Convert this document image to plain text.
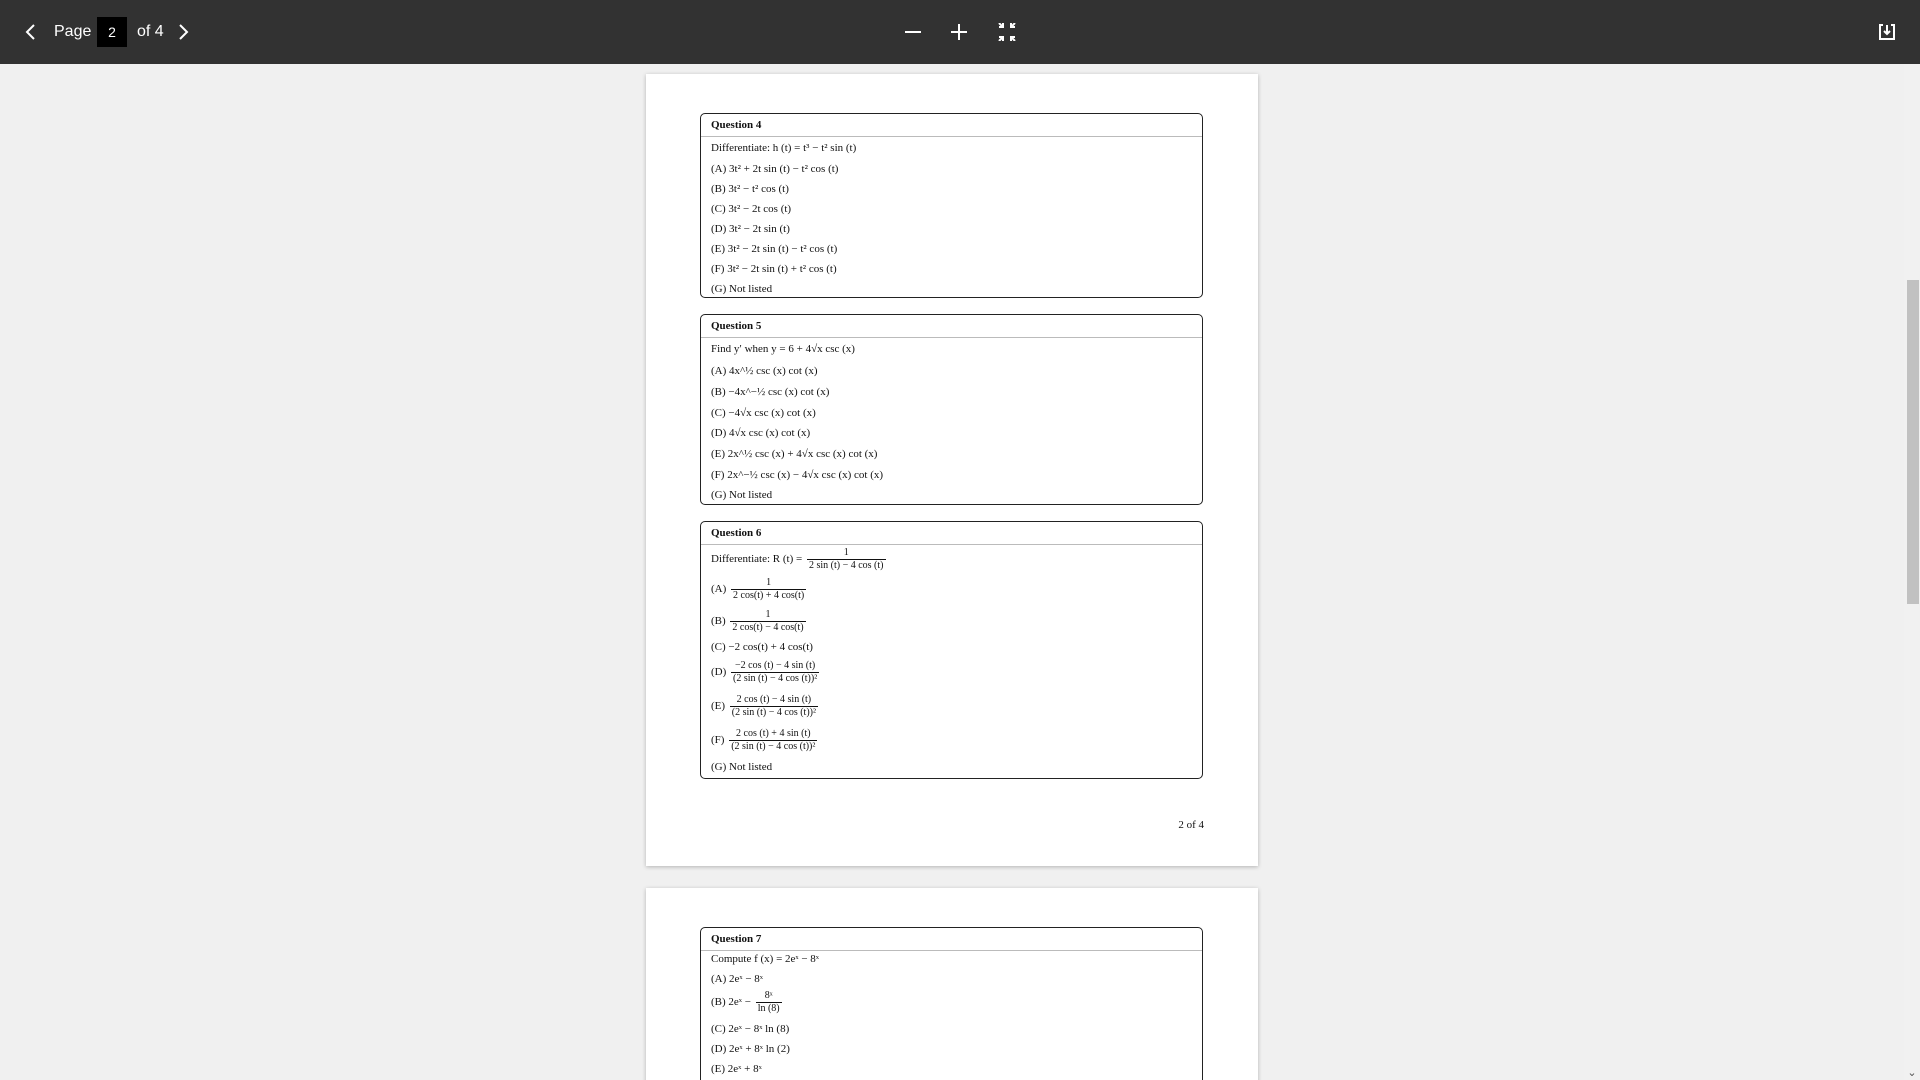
Page
2	of 4
Question 4
Differentiate: h (t) = t³ − t² sin (t)
(A) 3t² + 2t sin (t) − t² cos (t)
(B) 3t² − t² cos (t)
(C) 3t² − 2t cos (t)
(D) 3t² − 2t sin (t)
(E) 3t² − 2t sin (t) − t² cos (t)
(F) 3t² − 2t sin (t) + t² cos (t)
(G) Not listed
Question 5
Find y′ when y = 6 + 4√x csc (x)
(A) 4x^½ csc (x) cot (x)
(B) −4x^−½ csc (x) cot (x)
(C) −4√x csc (x) cot (x)
(D) 4√x csc (x) cot (x)
(E) 2x^½ csc (x) + 4√x csc (x) cot (x)
(F) 2x^−½ csc (x) − 4√x csc (x) cot (x)
(G) Not listed
Question 6
Differentiate: R $(t) = \frac{1}{2 \sin (t) - 4 \cos (t)}$
$(A) \frac{1}{2 \cos(t) + 4 \cos(t)}$
$(B) \frac{1}{2 \cos(t) - 4 \cos(t)}$
(C) −2 cos(t) + 4 cos(t)
$(D) \frac{-2 \cos (t) - 4 \sin (t)}{\text{(2 sin (t) − 4 cos (t))²}}$
$(E) \frac{2 \cos (t) - 4 \sin (t)}{\text{(2 sin (t) − 4 cos (t))²}}$
$(F) \frac{2 \cos (t) + 4 \sin (t)}{\text{(2 sin (t) − 4 cos (t))²}}$
(G) Not listed
2 of 4
Question 7
Compute f (x) = 2eˣ − 8ˣ
(A) 2eˣ − 8ˣ
(B) 2eˣ − $\frac{\text{8ˣ}}{\ln (8)}$
(C) 2eˣ − 8ˣ ln (8)
(D) 2eˣ + 8ˣ ln (2)
(E) 2eˣ + 8ˣ	⌄
